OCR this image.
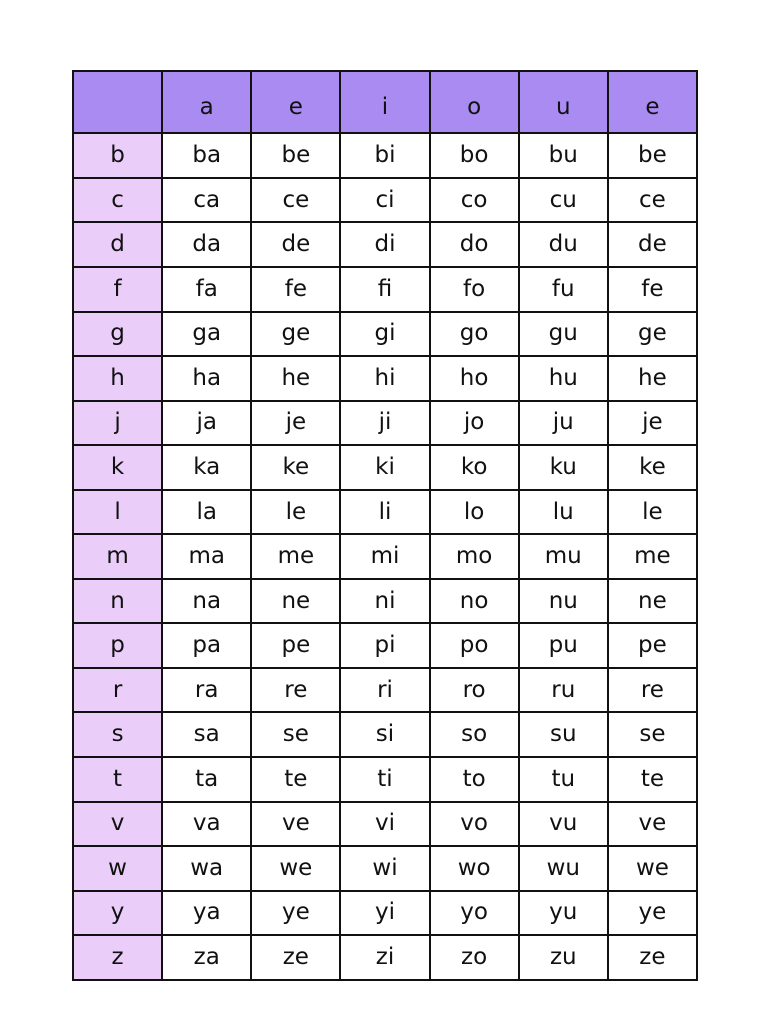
	a	e	i	o	u	e
b	ba	be	bi	bo	bu	be
c	ca	ce	ci	co	cu	ce
d	da	de	di	do	du	de
f	fa	fe	fi	fo	fu	fe
g	ga	ge	gi	go	gu	ge
h	ha	he	hi	ho	hu	he
j	ja	je	ji	jo	ju	je
k	ka	ke	ki	ko	ku	ke
l	la	le	li	lo	lu	le
m	ma	me	mi	mo	mu	me
n	na	ne	ni	no	nu	ne
p	pa	pe	pi	po	pu	pe
r	ra	re	ri	ro	ru	re
s	sa	se	si	so	su	se
t	ta	te	ti	to	tu	te
v	va	ve	vi	vo	vu	ve
w	wa	we	wi	wo	wu	we
y	ya	ye	yi	yo	yu	ye
z	za	ze	zi	zo	zu	ze
